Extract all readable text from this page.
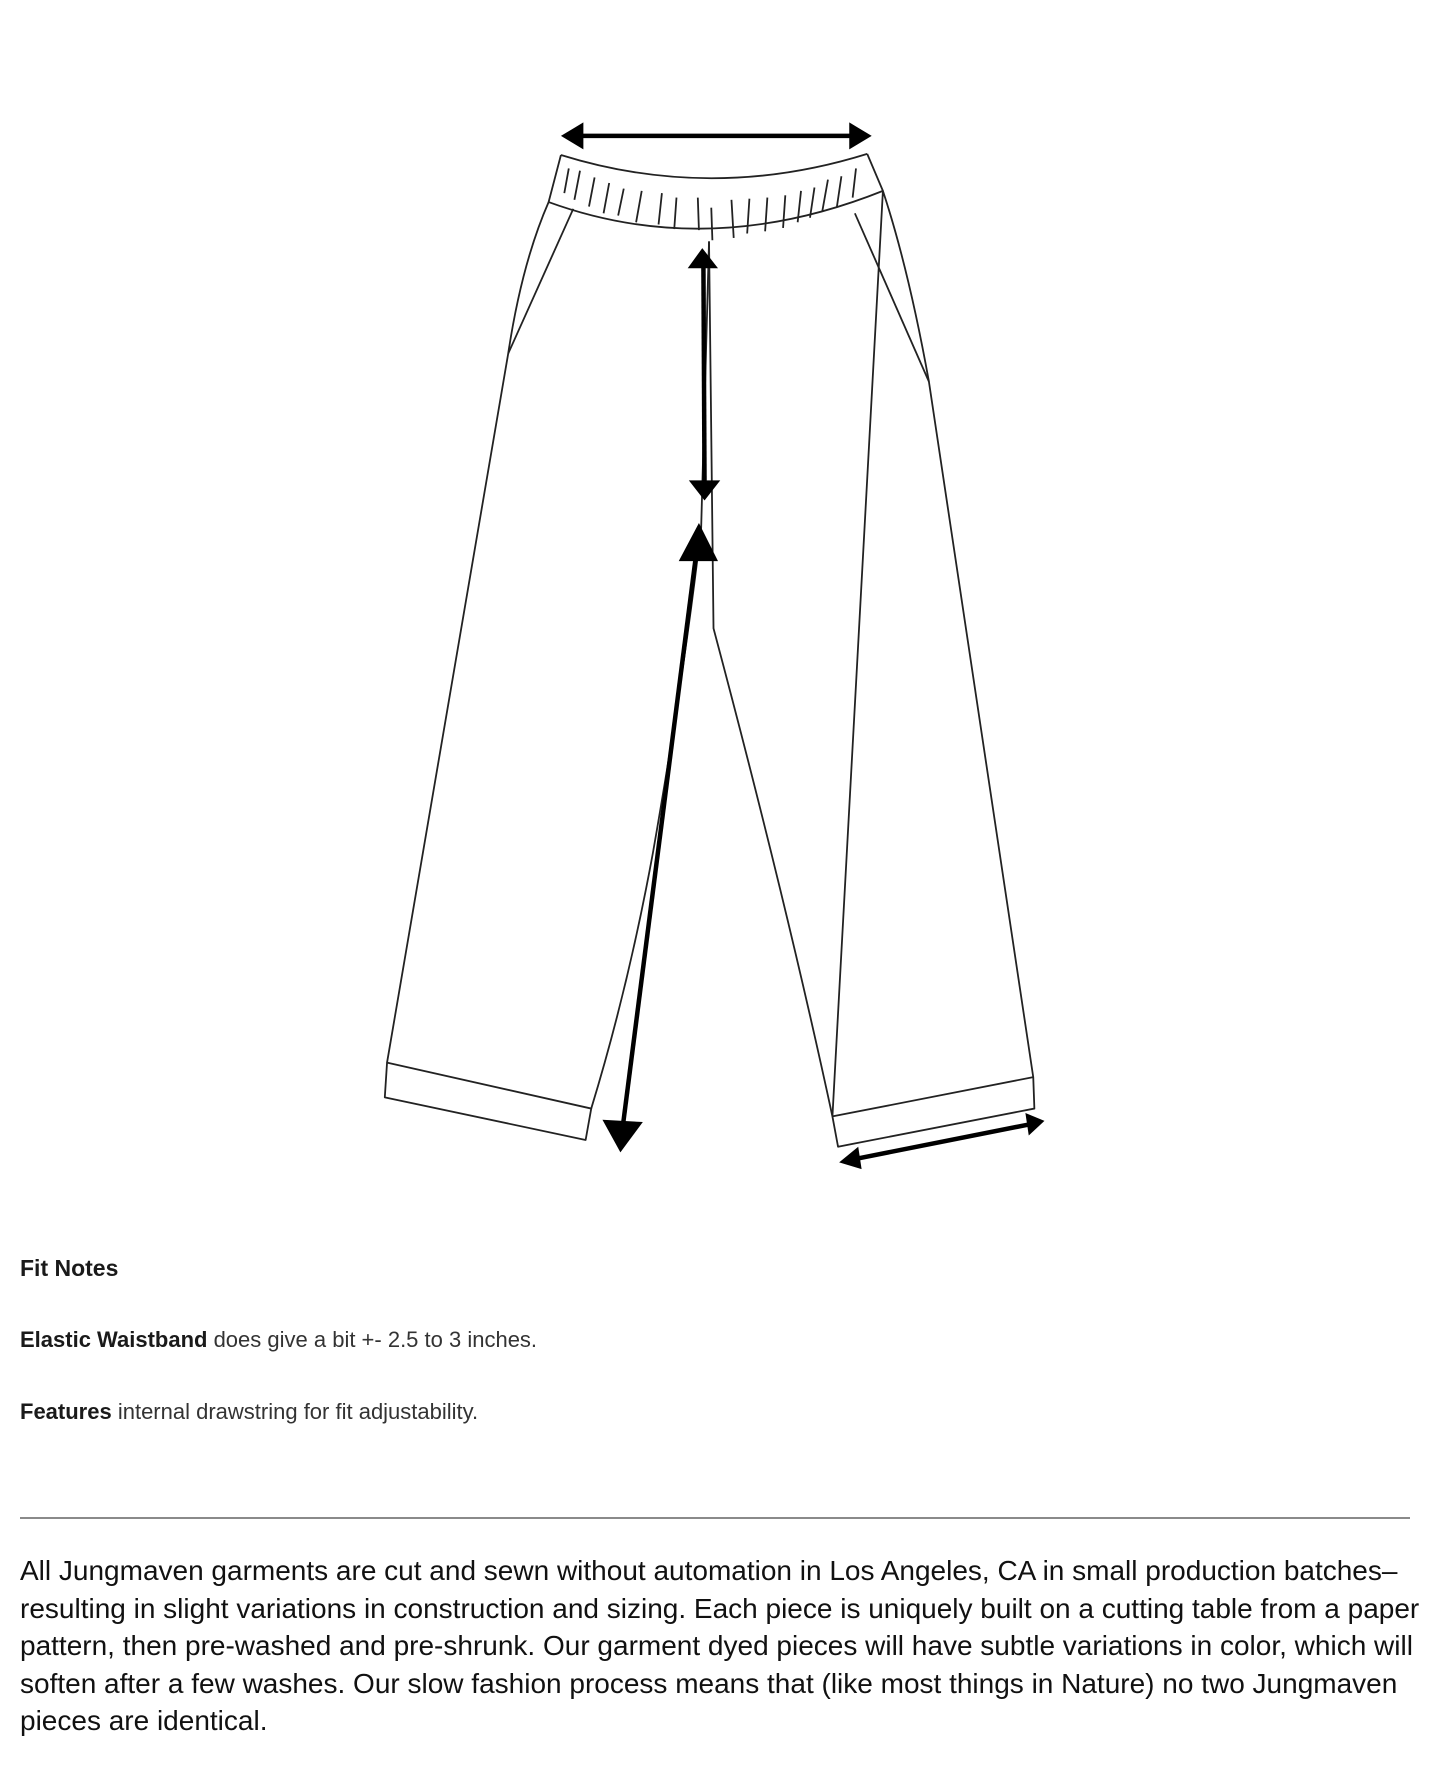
Fit Notes

Elastic Waistband does give a bit +- 2.5 to 3 inches.

Features internal drawstring for fit adjustability.

All Jungmaven garments are cut and sewn without automation in Los Angeles, CA in small production batches– resulting in slight variations in construction and sizing. Each piece is uniquely built on a cutting table from a paper pattern, then pre-washed and pre-shrunk. Our garment dyed pieces will have subtle variations in color, which will soften after a few washes. Our slow fashion process means that (like most things in Nature) no two Jungmaven pieces are identical.
